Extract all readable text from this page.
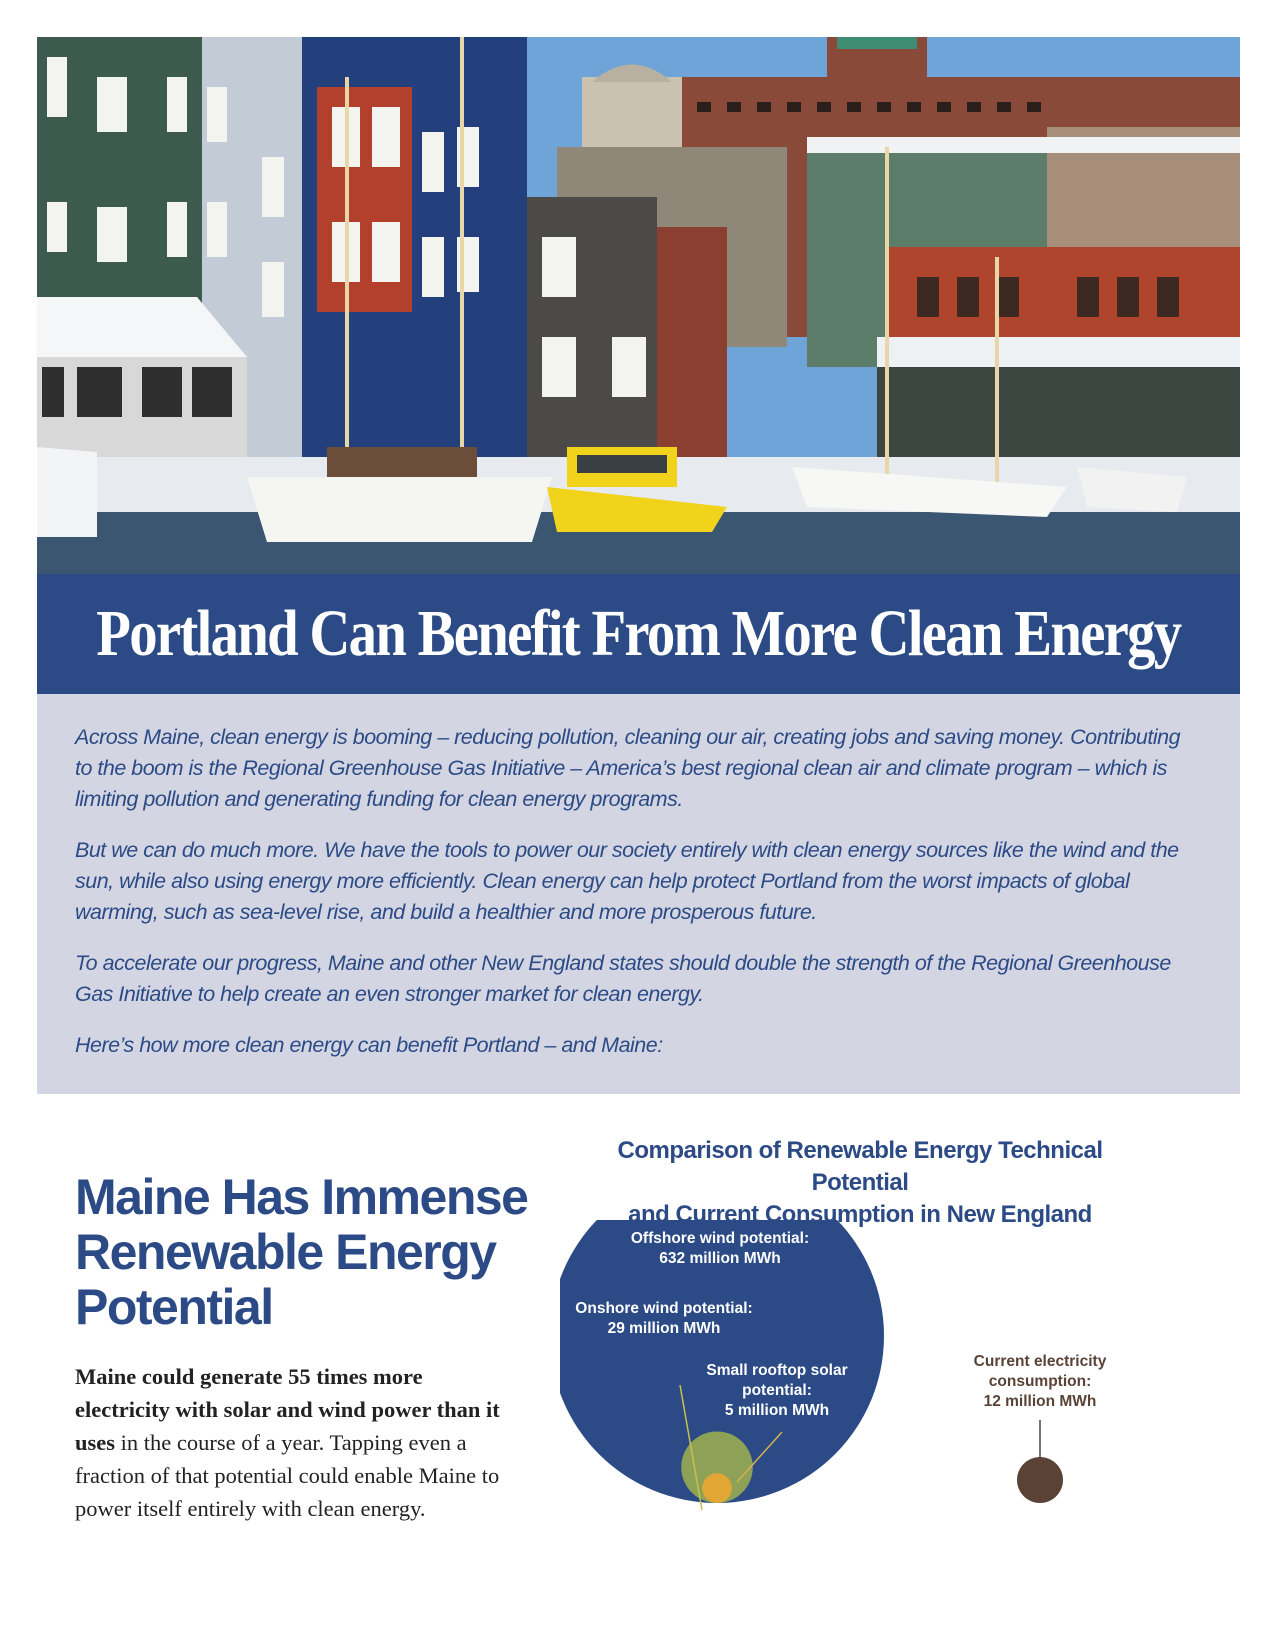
Portland Can Benefit From More Clean Energy

Across Maine, clean energy is booming – reducing pollution, cleaning our air, creating jobs and saving money. Contributing to the boom is the Regional Greenhouse Gas Initiative – America’s best regional clean air and climate program – which is limiting pollution and generating funding for clean energy programs.

But we can do much more. We have the tools to power our society entirely with clean energy sources like the wind and the sun, while also using energy more efficiently. Clean energy can help protect Portland from the worst impacts of global warming, such as sea-level rise, and build a healthier and more prosperous future.

To accelerate our progress, Maine and other New England states should double the strength of the Regional Greenhouse Gas Initiative to help create an even stronger market for clean energy.

Here’s how more clean energy can benefit Portland – and Maine:

Maine Has Immense Renewable Energy Potential

Maine could generate 55 times more electricity with solar and wind power than it uses in the course of a year. Tapping even a fraction of that potential could enable Maine to power itself entirely with clean energy.

Comparison of Renewable Energy Technical Potential
and Current Consumption in New England
Offshore wind potential:
632 million MWh
Onshore wind potential:
29 million MWh
Small rooftop solar
potential:
5 million MWh
Current electricity
consumption:
12 million MWh
